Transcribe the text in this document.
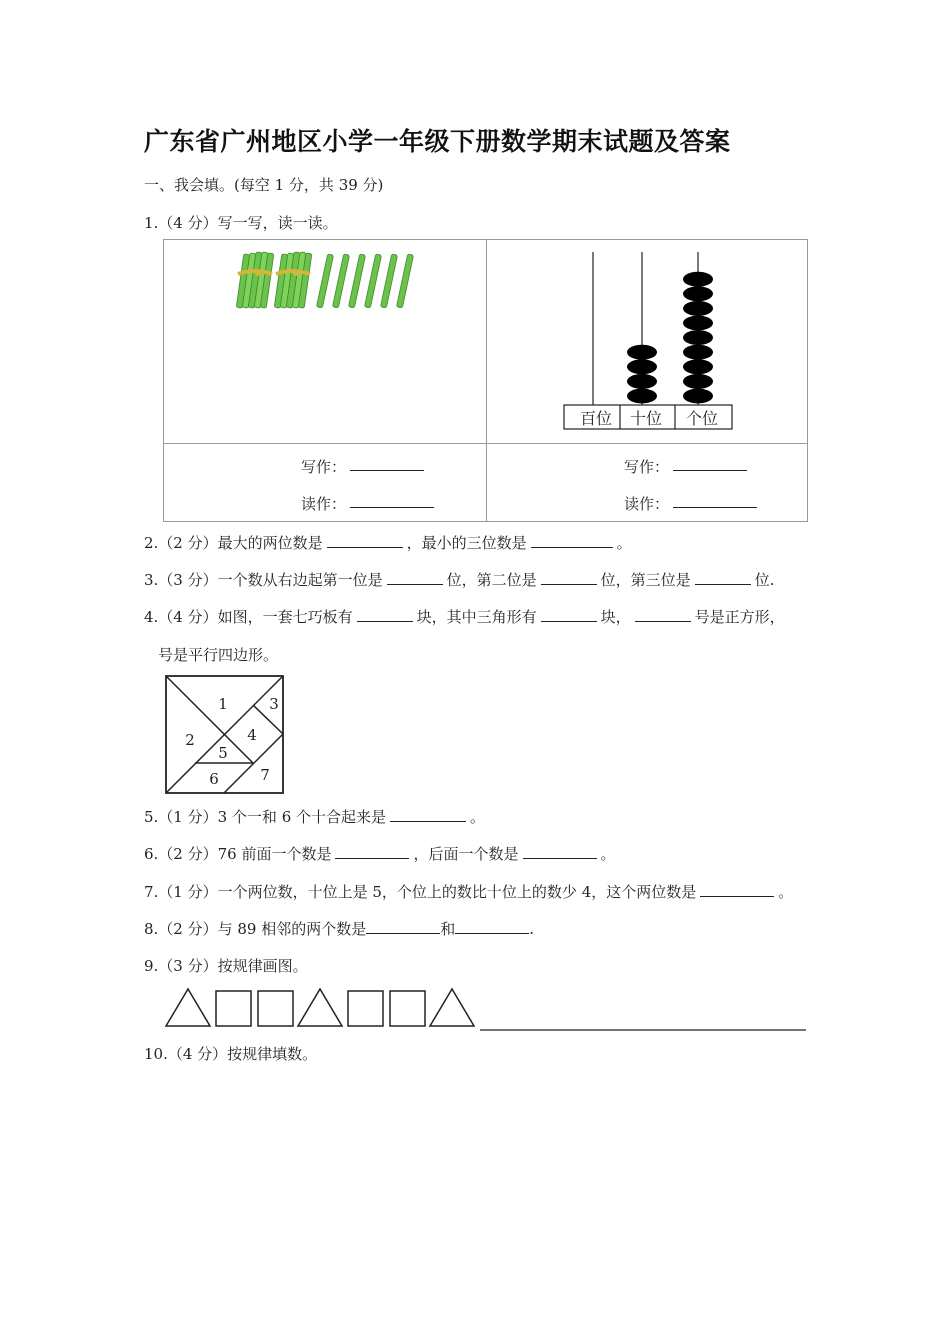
广东省广州地区小学一年级下册数学期末试题及答案
一、我会填。(每空 1 分，共 39 分)
1.（4 分）写一写，读一读。
百位 十位 个位
写作：
读作：
写作：
读作：
2.（2 分）最大的两位数是	，最小的三位数是	。
3.（3 分）一个数从右边起第一位是	位，第二位是	位，第三位是	位.
4.（4 分）如图，一套七巧板有	块，其中三角形有	块，	号是正方形，
号是平行四边形。
1
2
3
4
5
6	7
5.（1 分）3 个一和 6 个十合起来是	。
6.（2 分）76 前面一个数是	，后面一个数是	。
7.（1 分）一个两位数，十位上是 5，个位上的数比十位上的数少 4，这个两位数是	。
8.（2 分）与 89 相邻的两个数是	和	.
9.（3 分）按规律画图。
10.（4 分）按规律填数。
